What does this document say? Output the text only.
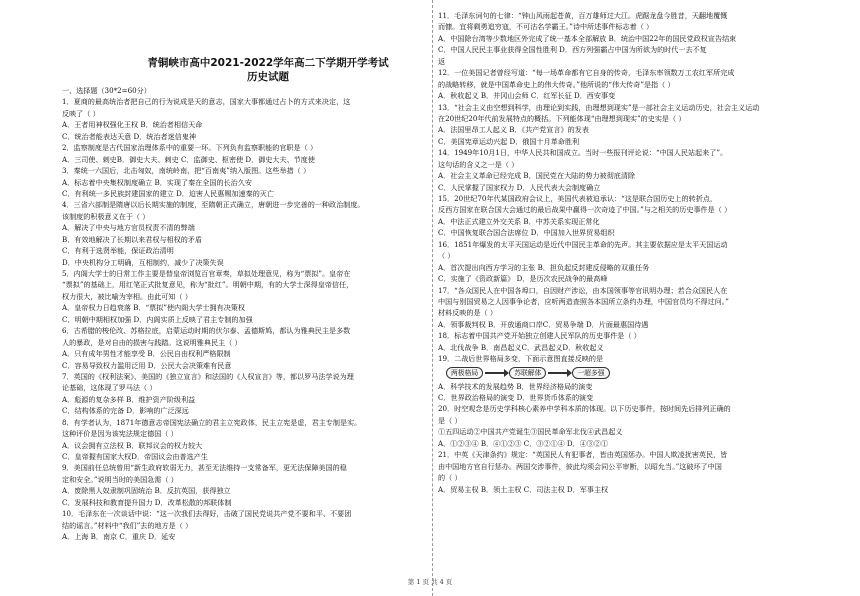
青铜峡市高中2021-2022学年高二下学期开学考试
历史试题
一、选择题（30*2=60分）
1．夏商的最高统治者把自己的行为说成是天的意志，国家大事都通过占卜的方式来决定，这
反映了（ ）
A．王者用神权强化王权 B．统治者相信天命
C．统治者能表达天意 D．统治者迷信鬼神
2．监察制度是古代国家治理体系中的重要一环。下列负有监察职能的官职是（ ）
A．三司使、刺史B．御史大夫、刺史 C．监御史、枢密使 D．御史大夫、节度使
3．秦统一六国后，北击匈奴，南统岭南，把“百南夷”纳入版图。这些举措（ ）
A．标志着中央集权制度确立 B．实现了秦在全国的长治久安
C．有利统一多民族封建国家的建立 D．迫害人民惠赐加速秦的灭亡
4．三省六部制是隋唐以后长期实施的制度，至隋朝正式确立，唐朝进一步完善的一种政治制度。
该制度的积极意义在于（ ）
A．解决了中央与地方官员权责不清的弊端
B．有效地解决了长期以来君权与相权的矛盾
C．有利于选贤举能，保证政治清明
D．中央机构分工明确，互相制约，减少了决策失误
5．内阁大学士的日常工作主要是替皇帝浏览百官章奏，草拟处理意见，称为“票拟”。皇帝在
“票拟”的基础上，用红笔正式批复意见，称为“批红”。明朝中期，有的大学士深得皇帝信任，
权力很大，被比喻为宰相。由此可知（ ）
A．皇帝权力日趋衰落 B．“票拟”使内阁大学士拥有决策权
C．明朝中期相权加强 D．内阁实质上反映了君主专制的加强
6．古希腊的梭伦改、苏格拉底，启蒙运动时期的伏尔泰、孟德斯鸠，都认为雅典民主是多数
人的暴政，是对自由的损害与践踏。这说明雅典民主（ ）
A．只有成年男性才能享受 B．公民自由权利严格限制
C．容易导致权力滥用泛用 D．公民大会决策难有民意
7．英国的《权利法案》、美国的《独立宣言》和法国的《人权宣言》等，都以罗马法学说为理
论基础，这体现了罗马法（ ）
A．彪源的复杂多样 B．维护资产阶级利益
C．结构体系的完备 D．影响的广泛深远
8．有学者认为，1871年德意志帝国宪法确立的君主立宪政体，民主立宪是虚，君主专制是实。
这种评价是因为该宪法规定德国（ ）
A．议会拥有立法权 B．联邦议会的权力较大
C．皇帝握有国家大权D．帝国议会由普选产生
9．美国前任总统曾用“新生政府软弱无力，甚至无法维持一支常备军，更无法保障美国的稳
定和安全。”说明当时的美国急需（ ）
A．废除黑人奴隶制巩固统治 B．反抗英国，获得独立
C．发展科技和教育提升国力 D．改革松散的邦联体制
10．毛泽东在一次谈话中说：“这一次我们去得好，击破了国民党说共产党不要和平、不要团
结的谣言。”材料中“我们”去的地方是（ ）
A．上海 B．南京 C．重庆 D．延安
11．毛泽东词句的七律：“钟山风雨起苍黄，百万雄师过大江。虎踞龙盘今胜昔，天翻地覆慨
而慷。宜将剩勇追穷寇，不可沽名学霸王。”诗中所述事件标志着（ ）
A．中国除台湾等少数地区外完成了统一基本全部解放 B．统治中国22年的国民党政权宣告结束
C．中国人民民主事业获得全国性胜利 D．西方列强霸占中国为所欲为的时代一去不复
返
12．一位美国记者曾经写道：“每一场革命都有它自身的传奇，毛泽东率领数万工农红军所完成
的战略转移，就是中国革命史上的伟大传奇。”他所说的“伟大传奇”是指（ ）
A．秋收起义 B．井冈山会师 C．红军长征 D．西安事变
13．“社会主义由空想到科学，由理论到实践，由理想到现实”是一部社会主义运动历史，社会主义运动
在20世纪20年代前发展特点的概括。下列能体现“由理想到现实”的史实是（ ）
A．法国里昂工人起义 B．《共产党宣言》的发表
C．美国宪章运动兴起 D．俄国十月革命胜利
14．1949年10月1日，中华人民共和国成立。当时一些报刊评论说：“中国人民站起来了”。
这句话的含义之一是（ ）
A．社会主义革命已经完成 B．国民党在大陆的势力被彻底清除
C．人民掌握了国家权力 D．人民代表大会制度确立
15．20世纪70年代某国政府会议上，美国代表被迫承认：“这是联合国历史上的转折点，
反西方国家在联合国大会通过的最后战果中赢得一次奇迹了中国。”与之相关的历史事件是（ ）
A．中法正式建立外交关系 B．中苏关系实现正常化
C．中国恢复联合国合法席位 D．中国加入世界贸易组织
16．1851年爆发的太平天国运动是近代中国民主革命的先声。其主要依据应是太平天国运动
（ ）
A．首次提出向西方学习的主张 B．担负起反封建反侵略的双重任务
C．实施了《资政新篇》 D．是历次农民战争的最高峰
17．“各众国民人在中国各埠口，自因财产涉讼，由本国领事等官讯明办理；若合众国民人在
中国与别国贸易之人因事争论者，应听两造查照各本国所立条约办理，中国官员均不得过问。”
材料反映的是（ ）
A．领事裁判权 B．开放通商口岸C．贸易争端 D．片面最惠国待遇
18．标志着中国共产党开始独立创建人民军队的历史事件是（ ）
A．北伐战争 B．南昌起义C．武昌起义D．秋收起义
19．二战后世界格局多变，下面示意图直接反映的是
两极格局	苏联解体	一超多强
A．科学技术的发展趋势 B．世界经济格局的演变
C．世界政治格局的演变 D．世界货币体系的演变
20．时空观念是历史学科核心素养中学科本质的体现。以下历史事件，按时间先后排列正确的
是（ ）
①五四运动②中国共产党诞生③国民革命军北伐④武昌起义
A．①②③④ B．④①②③ C．③②①④ D．④③②①
21．中英《天津条约》规定：“英国民人有犯事者，皆由英国惩办。中国人欺凌扰害英民，皆
由中国地方官自行惩办。两国交涉事件，彼此均须会同公平审断，以昭允当。”这破坏了中国
的（ ）
A．贸易主权 B．领土主权 C．司法主权 D．军事主权
第 1 页 共 4 页
